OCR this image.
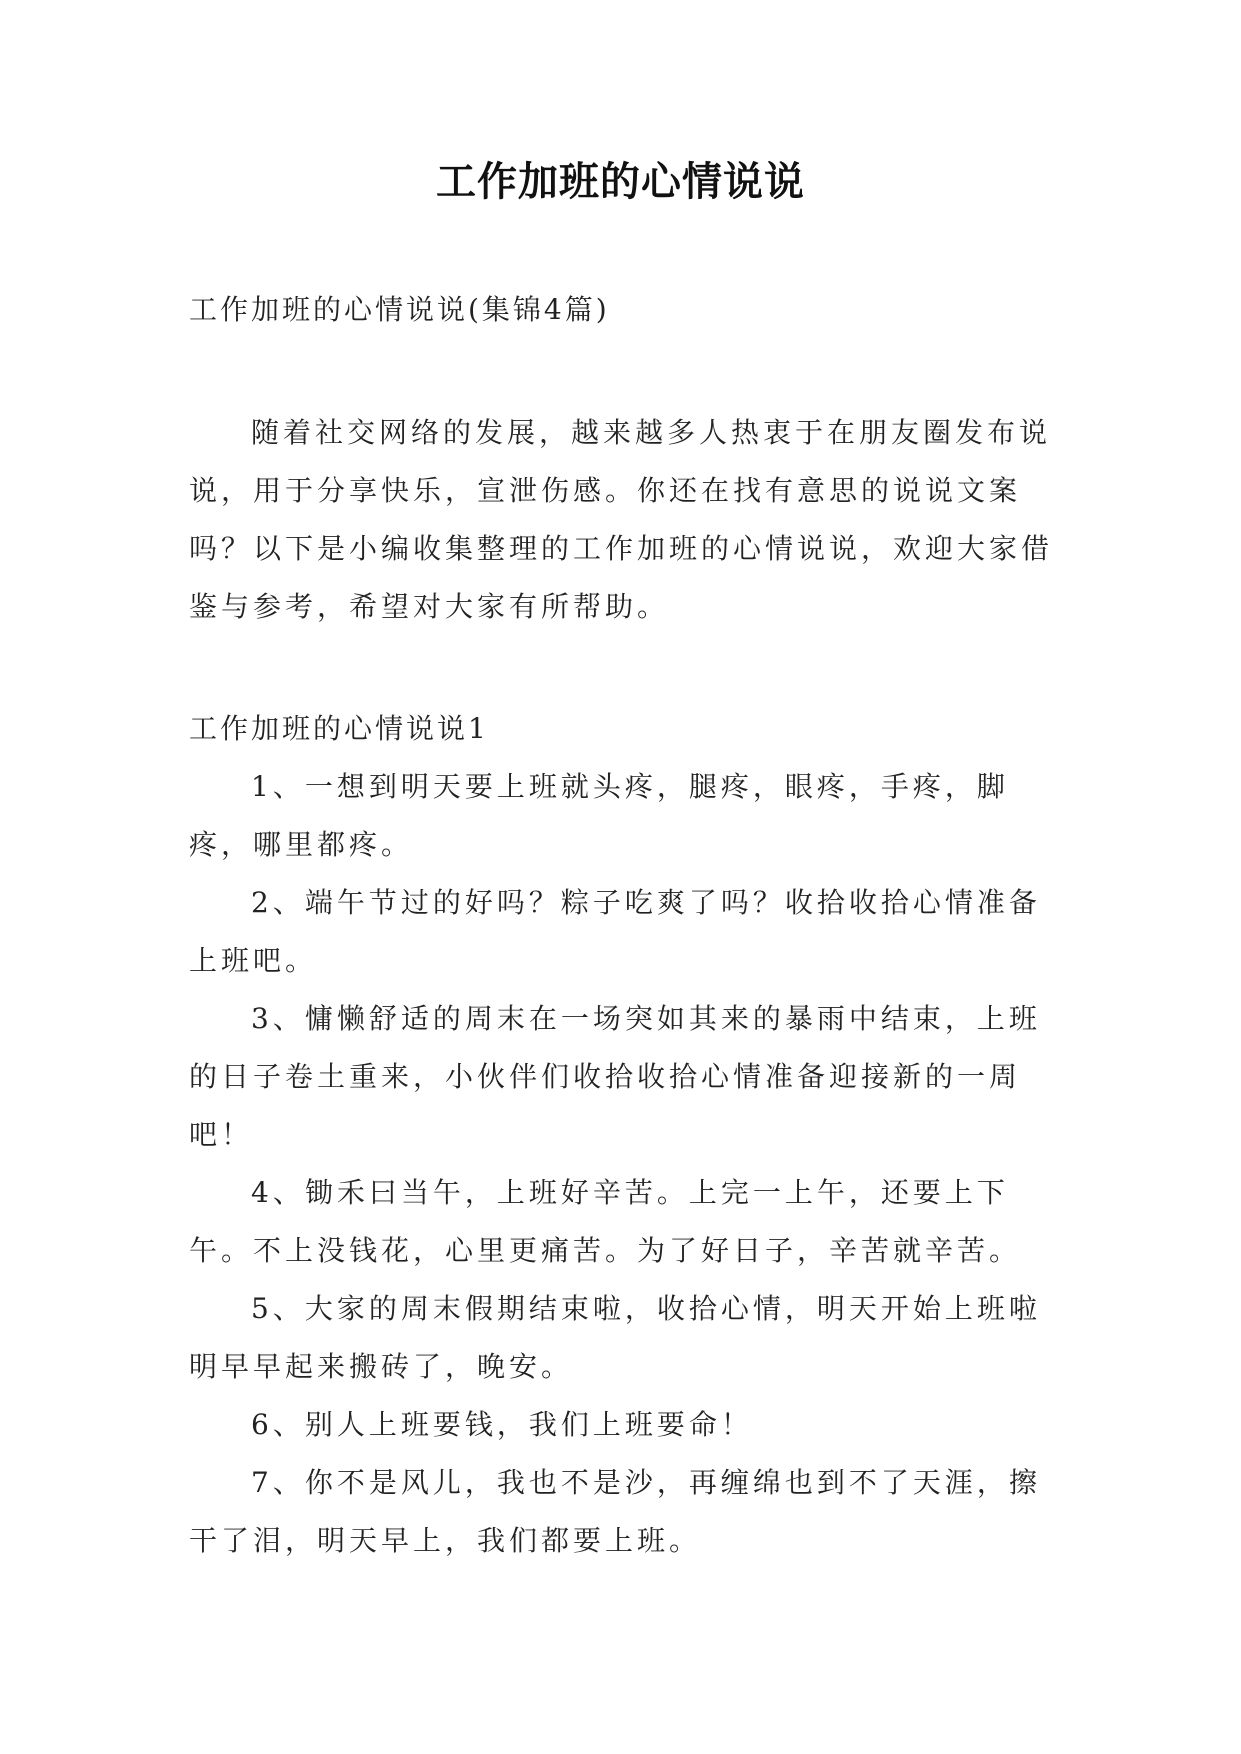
工作加班的心情说说
工作加班的心情说说(集锦4篇)

随着社交网络的发展，越来越多人热衷于在朋友圈发布说说，用于分享快乐，宣泄伤感。你还在找有意思的说说文案吗？以下是小编收集整理的工作加班的心情说说，欢迎大家借鉴与参考，希望对大家有所帮助。

工作加班的心情说说1

1、一想到明天要上班就头疼，腿疼，眼疼，手疼，脚疼，哪里都疼。

2、端午节过的好吗？粽子吃爽了吗？收拾收拾心情准备上班吧。

3、慵懒舒适的周末在一场突如其来的暴雨中结束，上班的日子卷土重来，小伙伴们收拾收拾心情准备迎接新的一周吧！

4、锄禾曰当午，上班好辛苦。上完一上午，还要上下午。不上没钱花，心里更痛苦。为了好日子，辛苦就辛苦。

5、大家的周末假期结束啦，收拾心情，明天开始上班啦明早早起来搬砖了，晚安。

6、别人上班要钱，我们上班要命！

7、你不是风儿，我也不是沙，再缠绵也到不了天涯，擦干了泪，明天早上，我们都要上班。
